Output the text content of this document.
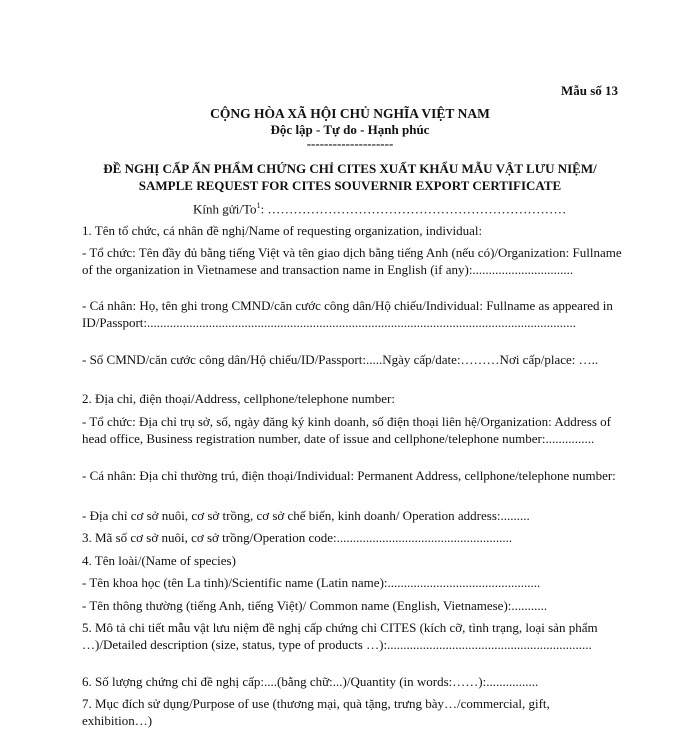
Mẫu số 13
CỘNG HÒA XÃ HỘI CHỦ NGHĨA VIỆT NAM
Độc lập - Tự do - Hạnh phúc
--------------------
ĐỀ NGHỊ CẤP ẤN PHẨM CHỨNG CHỈ CITES XUẤT KHẨU MẪU VẬT LƯU NIỆM/
SAMPLE REQUEST FOR CITES SOUVERNIR EXPORT CERTIFICATE
Kính gửi/To$^1$: ……………………………………………………………
1. Tên tổ chức, cá nhân đề nghị/Name of requesting organization, individual:
- Tổ chức: Tên đầy đủ bằng tiếng Việt và tên giao dịch bằng tiếng Anh (nếu có)/Organization: Fullname of the organization in Vietnamese and transaction name in English (if any):...............................
- Cá nhân: Họ, tên ghi trong CMND/căn cước công dân/Hộ chiếu/Individual: Fullname as appeared in ID/Passport:....................................................................................................................................
- Số CMND/căn cước công dân/Hộ chiếu/ID/Passport:.....Ngày cấp/date:………Nơi cấp/place: …..
2. Địa chỉ, điện thoại/Address, cellphone/telephone number:
- Tổ chức: Địa chỉ trụ sở, số, ngày đăng ký kinh doanh, số điện thoại liên hệ/Organization: Address of head office, Business registration number, date of issue and cellphone/telephone number:...............
- Cá nhân: Địa chỉ thường trú, điện thoại/Individual: Permanent Address, cellphone/telephone number:
- Địa chỉ cơ sở nuôi, cơ sở trồng, cơ sở chế biến, kinh doanh/ Operation address:.........
3. Mã số cơ sở nuôi, cơ sở trồng/Operation code:......................................................
4. Tên loài/(Name of species)
- Tên khoa học (tên La tinh)/Scientific name (Latin name):...............................................
- Tên thông thường (tiếng Anh, tiếng Việt)/ Common name (English, Vietnamese):...........
5. Mô tả chi tiết mẫu vật lưu niệm đề nghị cấp chứng chỉ CITES (kích cỡ, tình trạng, loại sản phẩm …)/Detailed description (size, status, type of products …):...............................................................
6. Số lượng chứng chỉ đề nghị cấp:....(bằng chữ:...)/Quantity (in words:……):................
7. Mục đích sử dụng/Purpose of use (thương mại, quà tặng, trưng bày…/commercial, gift, exhibition…)
